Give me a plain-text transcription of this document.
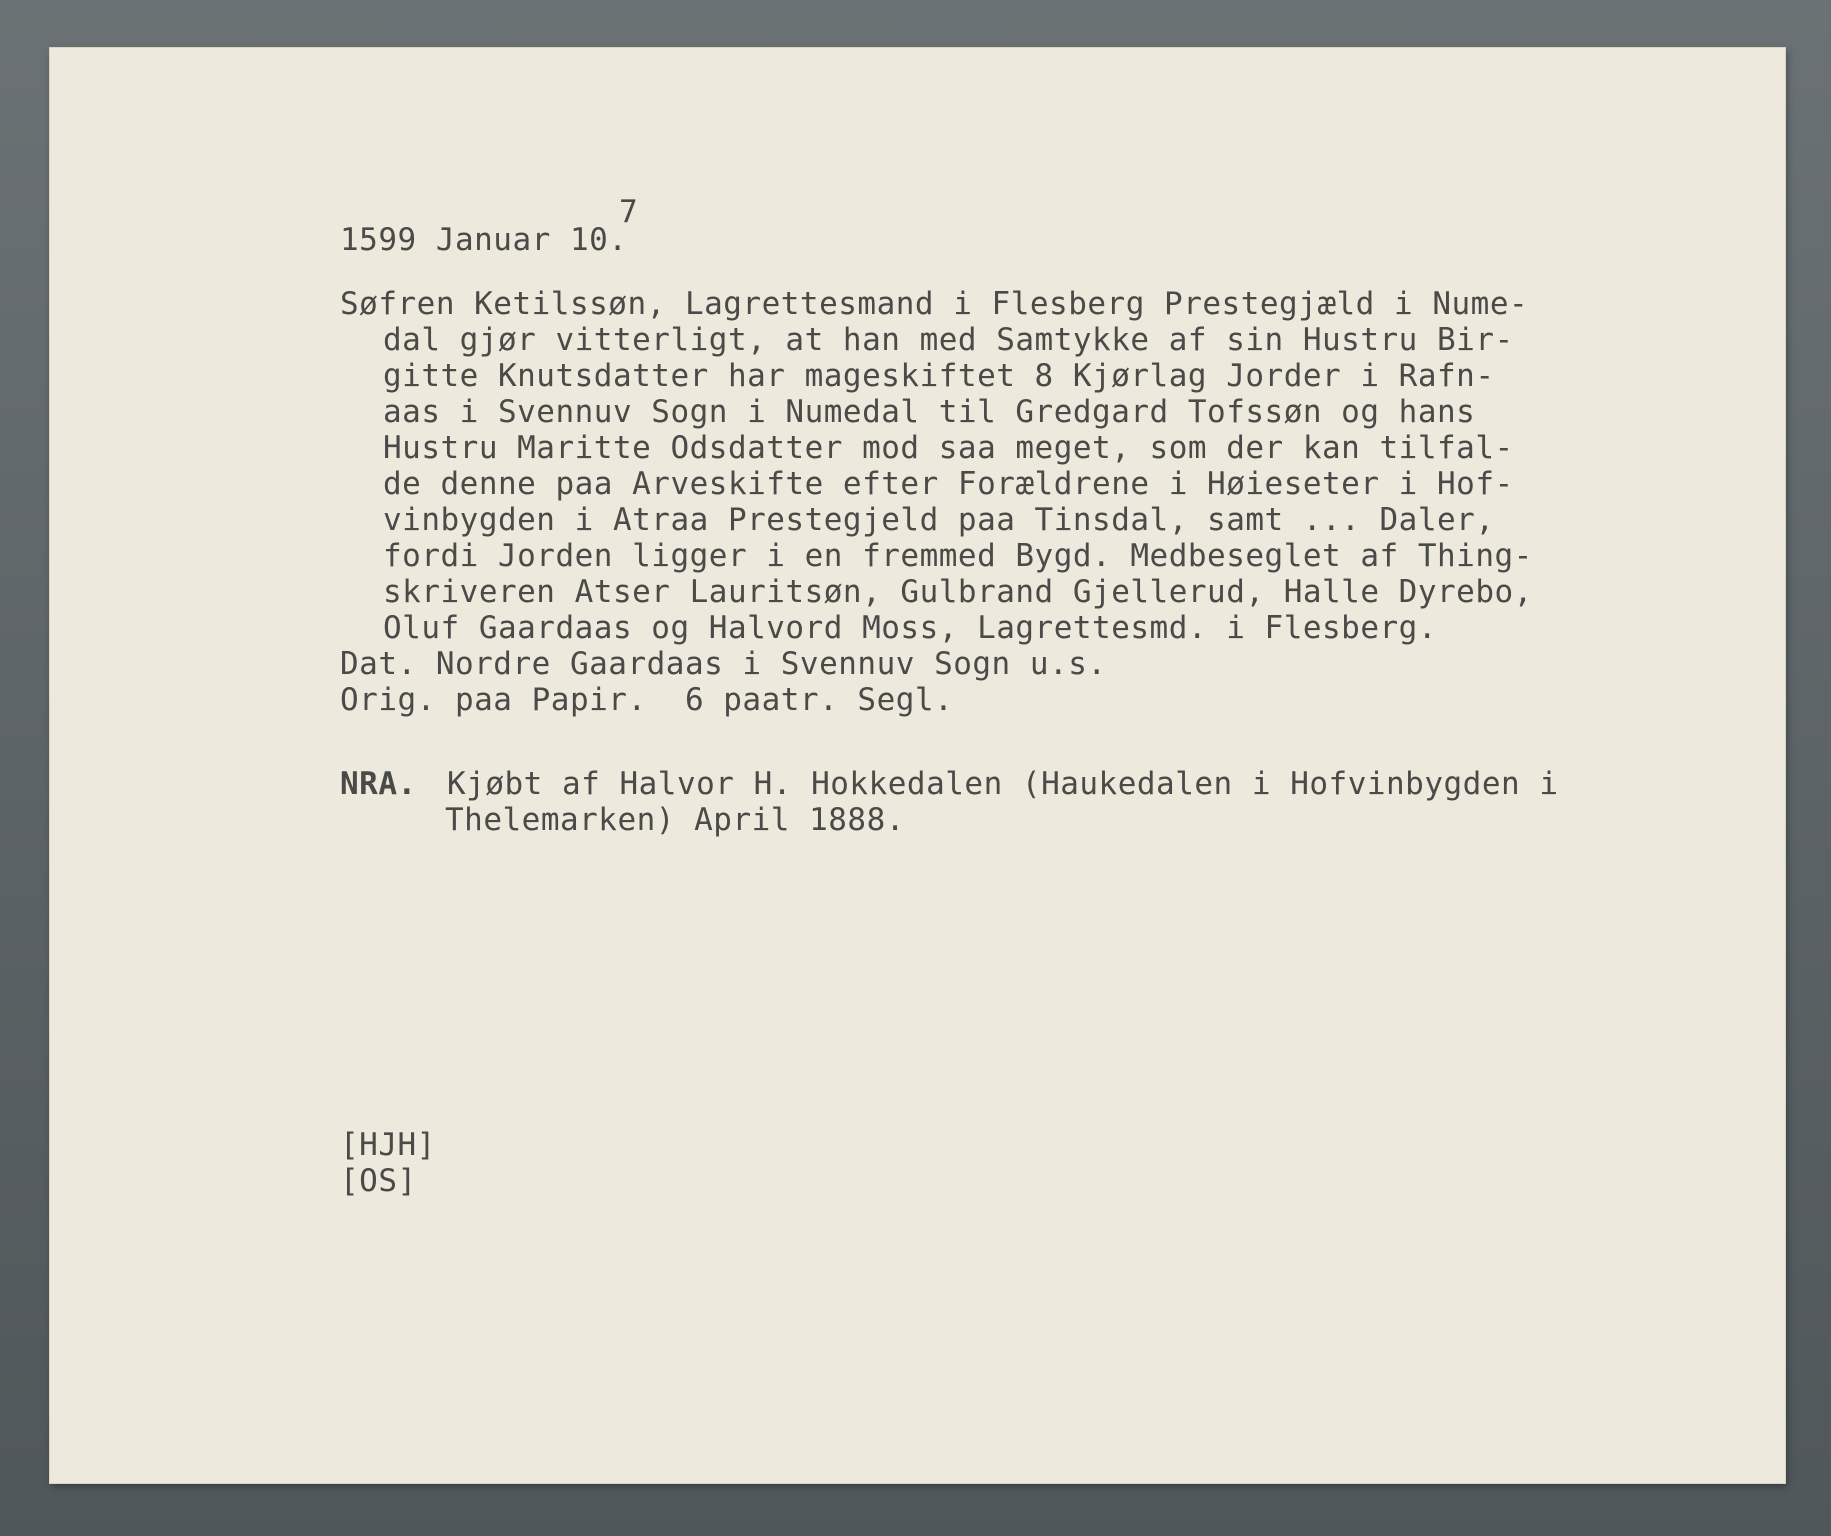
7

1599 Januar 10.

Søfren Ketilssøn, Lagrettesmand i Flesberg Prestegjæld i Nume-

dal gjør vitterligt, at han med Samtykke af sin Hustru Bir-

gitte Knutsdatter har mageskiftet 8 Kjørlag Jorder i Rafn-

aas i Svennuv Sogn i Numedal til Gredgard Tofssøn og hans

Hustru Maritte Odsdatter mod saa meget, som der kan tilfal-

de denne paa Arveskifte efter Forældrene i Høieseter i Hof-

vinbygden i Atraa Prestegjeld paa Tinsdal, samt ... Daler,

fordi Jorden ligger i en fremmed Bygd. Medbeseglet af Thing-

skriveren Atser Lauritsøn, Gulbrand Gjellerud, Halle Dyrebo,

Oluf Gaardaas og Halvord Moss, Lagrettesmd. i Flesberg.

Dat. Nordre Gaardaas i Svennuv Sogn u.s.

Orig. paa Papir.  6 paatr. Segl.

NRA. Kjøbt af Halvor H. Hokkedalen (Haukedalen i Hofvinbygden i

Thelemarken) April 1888.

[HJH]

[OS]
